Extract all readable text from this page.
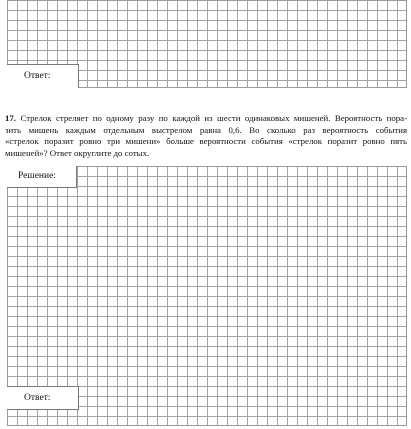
Ответ:
17. Стрелок стреляет по одному разу по каждой из шести одинаковых мишеней. Вероятность пора-
зить мишень каждым отдельным выстрелом равна 0,6. Во сколько раз вероятность события
«стрелок поразит ровно три мишени» больше вероятности события «стрелок поразит ровно пять
мишеней»? Ответ округлите до сотых.
Решение:
Ответ:
